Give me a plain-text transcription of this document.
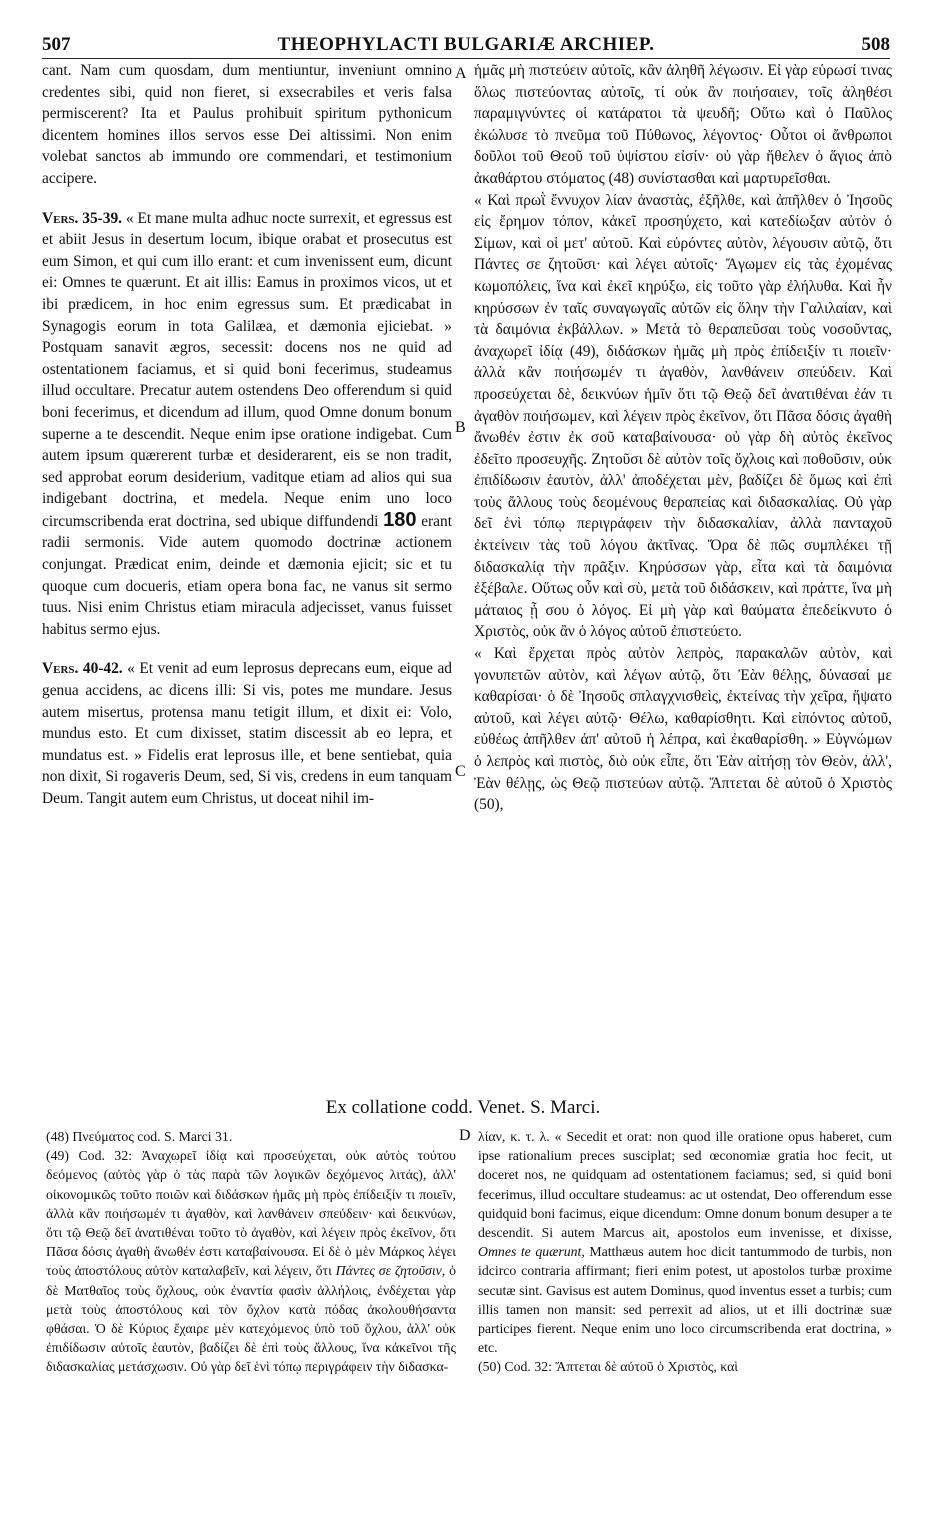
507	THEOPHYLACTI BULGARIÆ ARCHIEP.	508

cant. Nam cum quosdam, dum mentiuntur, inveniunt omnino credentes sibi, quid non fieret, si exsecrabiles et veris falsa permiscerent? Ita et Paulus prohibuit spiritum pythonicum dicentem homines illos servos esse Dei altissimi. Non enim volebat sanctos ab immundo ore commendari, et testimonium accipere.

Vers. 35-39. « Et mane multa adhuc nocte surrexit, et egressus est et abiit Jesus in desertum locum, ibique orabat et prosecutus est eum Simon, et qui cum illo erant: et cum invenissent eum, dicunt ei: Omnes te quærunt. Et ait illis: Eamus in proximos vicos, ut et ibi prædicem, in hoc enim egressus sum. Et prædicabat in Synagogis eorum in tota Galilæa, et dæmonia ejiciebat. » Postquam sanavit ægros, secessit: docens nos ne quid ad ostentationem faciamus, et si quid boni fecerimus, studeamus illud occultare. Precatur autem ostendens Deo offerendum si quid boni fecerimus, et dicendum ad illum, quod Omne donum bonum superne a te descendit. Neque enim ipse oratione indigebat. Cum autem ipsum quærerent turbæ et desiderarent, eis se non tradit, sed approbat eorum desiderium, vaditque etiam ad alios qui sua indigebant doctrina, et medela. Neque enim uno loco circumscribenda erat doctrina, sed ubique diffundendi 180 erant radii sermonis. Vide autem quomodo doctrinæ actionem conjungat. Prædicat enim, deinde et dæmonia ejicit; sic et tu quoque cum docueris, etiam opera bona fac, ne vanus sit sermo tuus. Nisi enim Christus etiam miracula adjecisset, vanus fuisset habitus sermo ejus.

Vers. 40-42. « Et venit ad eum leprosus deprecans eum, eique ad genua accidens, ac dicens illi: Si vis, potes me mundare. Jesus autem misertus, protensa manu tetigit illum, et dixit ei: Volo, mundus esto. Et cum dixisset, statim discessit ab eo lepra, et mundatus est. » Fidelis erat leprosus ille, et bene sentiebat, quia non dixit, Si rogaveris Deum, sed, Si vis, credens in eum tanquam Deum. Tangit autem eum Christus, ut doceat nihil im-

A
B
C
D

ἡμᾶς μὴ πιστεύειν αὐτοῖς, κἂν ἀληθῆ λέγωσιν. Εἰ γὰρ εὑρωσί τινας ὅλως πιστεύοντας αὐτοῖς, τί οὐκ ἂν ποιήσαιεν, τοῖς ἀληθέσι παραμιγνύντες οἱ κατάρατοι τὰ ψευδῆ; Οὕτω καὶ ὁ Παῦλος ἐκώλυσε τὸ πνεῦμα τοῦ Πύθωνος, λέγοντος· Οὗτοι οἱ ἄνθρωποι δοῦλοι τοῦ Θεοῦ τοῦ ὑψίστου εἰσίν· οὐ γὰρ ἤθελεν ὁ ἅγιος ἀπὸ ἀκαθάρτου στόματος (48) συνίστασθαι καὶ μαρτυρεῖσθαι.

« Καὶ πρωῒ ἔννυχον λίαν ἀναστὰς, ἐξῆλθε, καὶ ἀπῆλθεν ὁ Ἰησοῦς εἰς ἔρημον τόπον, κἀκεῖ προσηύχετο, καὶ κατεδίωξαν αὐτὸν ὁ Σίμων, καὶ οἱ μετ' αὐτοῦ. Καὶ εὑρόντες αὐτὸν, λέγουσιν αὐτῷ, ὅτι Πάντες σε ζητοῦσι· καὶ λέγει αὐτοῖς· Ἄγωμεν εἰς τὰς ἐχομένας κωμοπόλεις, ἵνα καὶ ἐκεῖ κηρύξω, εἰς τοῦτο γὰρ ἐλήλυθα. Καὶ ἦν κηρύσσων ἐν ταῖς συναγωγαῖς αὐτῶν εἰς ὅλην τὴν Γαλιλαίαν, καὶ τὰ δαιμόνια ἐκβάλλων. » Μετὰ τὸ θεραπεῦσαι τοὺς νοσοῦντας, ἀναχωρεῖ ἰδίᾳ (49), διδάσκων ἡμᾶς μὴ πρὸς ἐπίδειξίν τι ποιεῖν· ἀλλὰ κἂν ποιήσωμέν τι ἀγαθὸν, λανθάνειν σπεύδειν. Καὶ προσεύχεται δὲ, δεικνύων ἡμῖν ὅτι τῷ Θεῷ δεῖ ἀνατιθέναι ἐάν τι ἀγαθὸν ποιήσωμεν, καὶ λέγειν πρὸς ἐκεῖνον, ὅτι Πᾶσα δόσις ἀγαθὴ ἄνωθέν ἐστιν ἐκ σοῦ καταβαίνουσα· οὐ γὰρ δὴ αὐτὸς ἐκεῖνος ἐδεῖτο προσευχῆς. Ζητοῦσι δὲ αὐτὸν τοῖς ὄχλοις καὶ ποθοῦσιν, οὐκ ἐπιδίδωσιν ἑαυτὸν, ἀλλ' ἀποδέχεται μὲν, βαδίζει δὲ ὅμως καὶ ἐπὶ τοὺς ἄλλους τοὺς δεομένους θεραπείας καὶ διδασκαλίας. Οὐ γὰρ δεῖ ἑνὶ τόπῳ περιγράφειν τὴν διδασκαλίαν, ἀλλὰ πανταχοῦ ἐκτείνειν τὰς τοῦ λόγου ἀκτῖνας. Ὅρα δὲ πῶς συμπλέκει τῇ διδασκαλίᾳ τὴν πρᾶξιν. Κηρύσσων γὰρ, εἶτα καὶ τὰ δαιμόνια ἐξέβαλε. Οὕτως οὖν καὶ σὺ, μετὰ τοῦ διδάσκειν, καὶ πράττε, ἵνα μὴ μάταιος ᾖ σου ὁ λόγος. Εἰ μὴ γὰρ καὶ θαύματα ἐπεδείκνυτο ὁ Χριστὸς, οὐκ ἂν ὁ λόγος αὐτοῦ ἐπιστεύετο.

« Καὶ ἔρχεται πρὸς αὐτὸν λεπρὸς, παρακαλῶν αὐτὸν, καὶ γονυπετῶν αὐτὸν, καὶ λέγων αὐτῷ, ὅτι Ἐὰν θέλῃς, δύνασαί με καθαρίσαι· ὁ δὲ Ἰησοῦς σπλαγχνισθεὶς, ἐκτείνας τὴν χεῖρα, ἥψατο αὐτοῦ, καὶ λέγει αὐτῷ· Θέλω, καθαρίσθητι. Καὶ εἰπόντος αὐτοῦ, εὐθέως ἀπῆλθεν ἀπ' αὐτοῦ ἡ λέπρα, καὶ ἐκαθαρίσθη. » Εὐγνώμων ὁ λεπρὸς καὶ πιστὸς, διὸ οὐκ εἶπε, ὅτι Ἐὰν αἰτήσῃ τὸν Θεὸν, ἀλλ', Ἐὰν θέλῃς, ὡς Θεῷ πιστεύων αὐτῷ. Ἅπτεται δὲ αὐτοῦ ὁ Χριστὸς (50),

Ex collatione codd. Venet. S. Marci.

(48) Πνεύματος cod. S. Marci 31.

(49) Cod. 32: Ἀναχωρεῖ ἰδίᾳ καὶ προσεύχεται, οὐκ αὐτὸς τούτου δεόμενος (αὐτὸς γὰρ ὁ τὰς παρὰ τῶν λογικῶν δεχόμενος λιτάς), ἀλλ' οἰκονομικῶς τοῦτο ποιῶν καὶ διδάσκων ἡμᾶς μὴ πρὸς ἐπίδειξίν τι ποιεῖν, ἀλλὰ κἂν ποιήσωμέν τι ἀγαθὸν, καὶ λανθάνειν σπεύδειν· καὶ δεικνύων, ὅτι τῷ Θεῷ δεῖ ἀνατιθέναι τοῦτο τὸ ἀγαθὸν, καὶ λέγειν πρὸς ἐκεῖνον, ὅτι Πᾶσα δόσις ἀγαθὴ ἄνωθέν ἐστι καταβαίνουσα. Εἰ δὲ ὁ μὲν Μάρκος λέγει τοὺς ἀποστόλους αὐτὸν καταλαβεῖν, καὶ λέγειν, ὅτι Πάντες σε ζητοῦσιν, ὁ δὲ Ματθαῖος τοὺς ὄχλους, οὐκ ἐναντία φασὶν ἀλλήλοις, ἐνδέχεται γὰρ μετὰ τοὺς ἀποστόλους καὶ τὸν ὄχλον κατὰ πόδας ἀκολουθήσαντα φθάσαι. Ὁ δὲ Κύριος ἔχαιρε μὲν κατεχόμενος ὑπὸ τοῦ ὄχλου, ἀλλ' οὐκ ἐπιδίδωσιν αὐτοῖς ἑαυτὸν, βαδίζει δὲ ἐπὶ τοὺς ἄλλους, ἵνα κἀκεῖνοι τῆς διδασκαλίας μετάσχωσιν. Οὐ γὰρ δεῖ ἑνὶ τόπῳ περιγράφειν τὴν διδασκα-

λίαν, κ. τ. λ. « Secedit et orat: non quod ille oratione opus haberet, cum ipse rationalium preces susciplat; sed œconomiæ gratia hoc fecit, ut doceret nos, ne quidquam ad ostentationem faciamus; sed, si quid boni fecerimus, illud occultare studeamus: ac ut ostendat, Deo offerendum esse quidquid boni facimus, eique dicendum: Omne donum bonum desuper a te descendit. Si autem Marcus ait, apostolos eum invenisse, et dixisse, Omnes te quærunt, Matthæus autem hoc dicit tantummodo de turbis, non idcirco contraria affirmant; fieri enim potest, ut apostolos turbæ proxime secutæ sint. Gavisus est autem Dominus, quod inventus esset a turbis; cum illis tamen non mansit: sed perrexit ad alios, ut et illi doctrinæ suæ participes fierent. Neque enim uno loco circumscribenda erat doctrina, » etc.

(50) Cod. 32: Ἅπτεται δὲ αὐτοῦ ὁ Χριστὸς, καὶ
